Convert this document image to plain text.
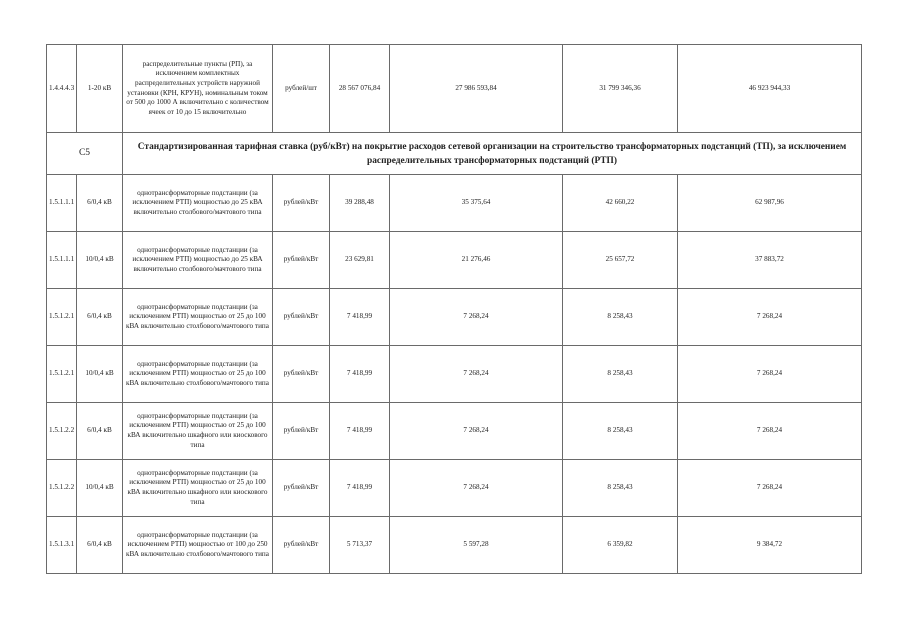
1.4.4.4.3	1-20 кВ	распределительные пункты (РП), за исключением комплектных распределительных устройств наружной установки (КРН, КРУН), номинальным током от 500 до 1000 А включительно с количеством ячеек от 10 до 15 включительно	рублей/шт	28 567 076,84	27 986 593,84	31 799 346,36	46 923 944,33
С5		Стандартизированная тарифная ставка (руб/кВт) на покрытие расходов сетевой организации на строительство трансформаторных подстанций (ТП), за исключением распределительных трансформаторных подстанций (РТП)					
1.5.1.1.1	6/0,4 кВ	однотрансформаторные подстанции (за исключением РТП) мощностью до 25 кВА включительно столбового/мачтового типа	рублей/кВт	39 288,48	35 375,64	42 660,22	62 987,96
1.5.1.1.1	10/0,4 кВ	однотрансформаторные подстанции (за исключением РТП) мощностью до 25 кВА включительно столбового/мачтового типа	рублей/кВт	23 629,81	21 276,46	25 657,72	37 883,72
1.5.1.2.1	6/0,4 кВ	однотрансформаторные подстанции (за исключением РТП) мощностью от 25 до 100 кВА включительно столбового/мачтового типа	рублей/кВт	7 418,99	7 268,24	8 258,43	7 268,24
1.5.1.2.1	10/0,4 кВ	однотрансформаторные подстанции (за исключением РТП) мощностью от 25 до 100 кВА включительно столбового/мачтового типа	рублей/кВт	7 418,99	7 268,24	8 258,43	7 268,24
1.5.1.2.2	6/0,4 кВ	однотрансформаторные подстанции (за исключением РТП) мощностью от 25 до 100 кВА включительно шкафного или киоскового типа	рублей/кВт	7 418,99	7 268,24	8 258,43	7 268,24
1.5.1.2.2	10/0,4 кВ	однотрансформаторные подстанции (за исключением РТП) мощностью от 25 до 100 кВА включительно шкафного или киоскового типа	рублей/кВт	7 418,99	7 268,24	8 258,43	7 268,24
1.5.1.3.1	6/0,4 кВ	однотрансформаторные подстанции (за исключением РТП) мощностью от 100 до 250 кВА включительно столбового/мачтового типа	рублей/кВт	5 713,37	5 597,28	6 359,82	9 384,72
